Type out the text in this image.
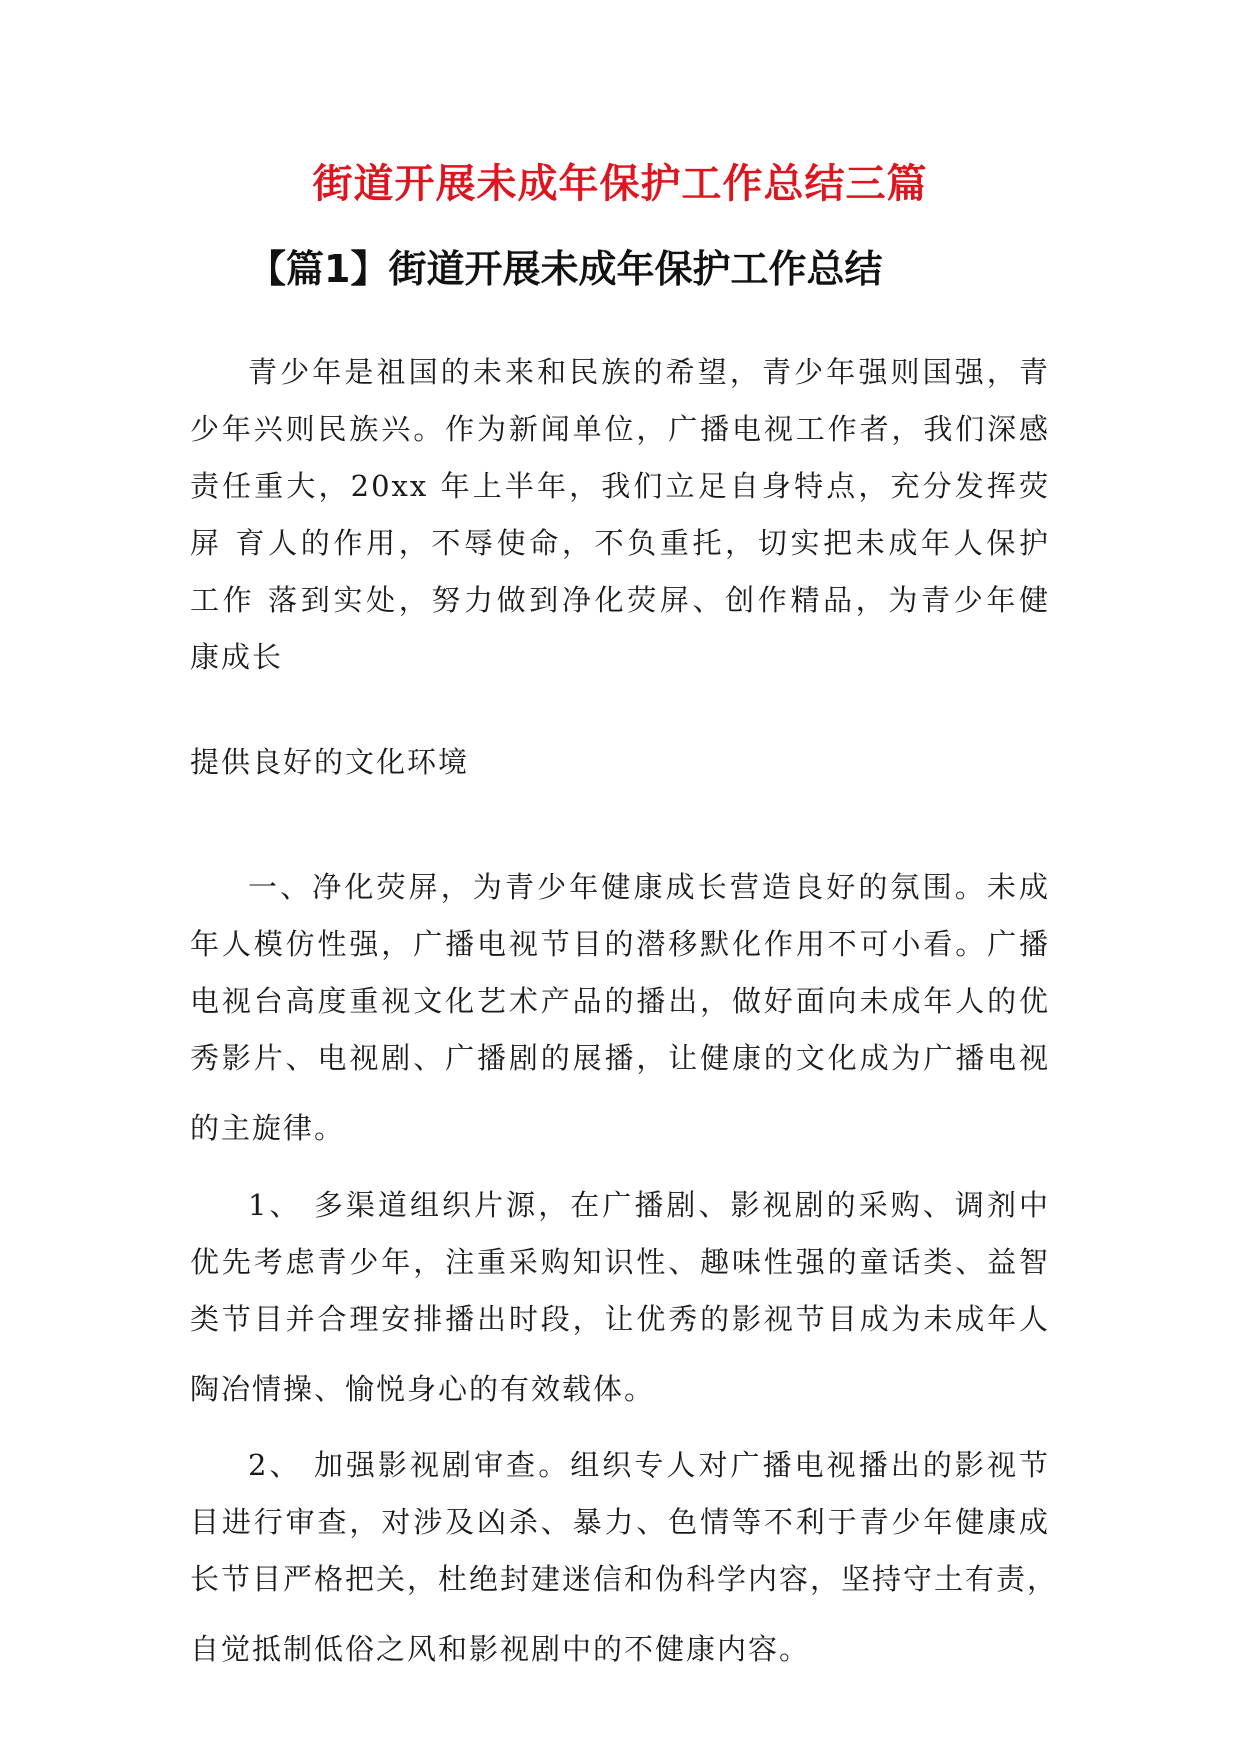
街道开展未成年保护工作总结三篇
【篇1】街道开展未成年保护工作总结

青少年是祖国的未来和民族的希望，青少年强则国强，青

少年兴则民族兴。作为新闻单位，广播电视工作者，我们深感

责任重大，20xx 年上半年，我们立足自身特点，充分发挥荧

屏 育人的作用，不辱使命，不负重托，切实把未成年人保护

工作 落到实处，努力做到净化荧屏、创作精品，为青少年健

康成长

提供良好的文化环境

一、净化荧屏，为青少年健康成长营造良好的氛围。未成

年人模仿性强，广播电视节目的潜移默化作用不可小看。广播

电视台高度重视文化艺术产品的播出，做好面向未成年人的优

秀影片、电视剧、广播剧的展播，让健康的文化成为广播电视

的主旋律。

1、 多渠道组织片源，在广播剧、影视剧的采购、调剂中

优先考虑青少年，注重采购知识性、趣味性强的童话类、益智

类节目并合理安排播出时段，让优秀的影视节目成为未成年人

陶冶情操、愉悦身心的有效载体。

2、 加强影视剧审查。组织专人对广播电视播出的影视节

目进行审查，对涉及凶杀、暴力、色情等不利于青少年健康成

长节目严格把关，杜绝封建迷信和伪科学内容，坚持守土有责，

自觉抵制低俗之风和影视剧中的不健康内容。
